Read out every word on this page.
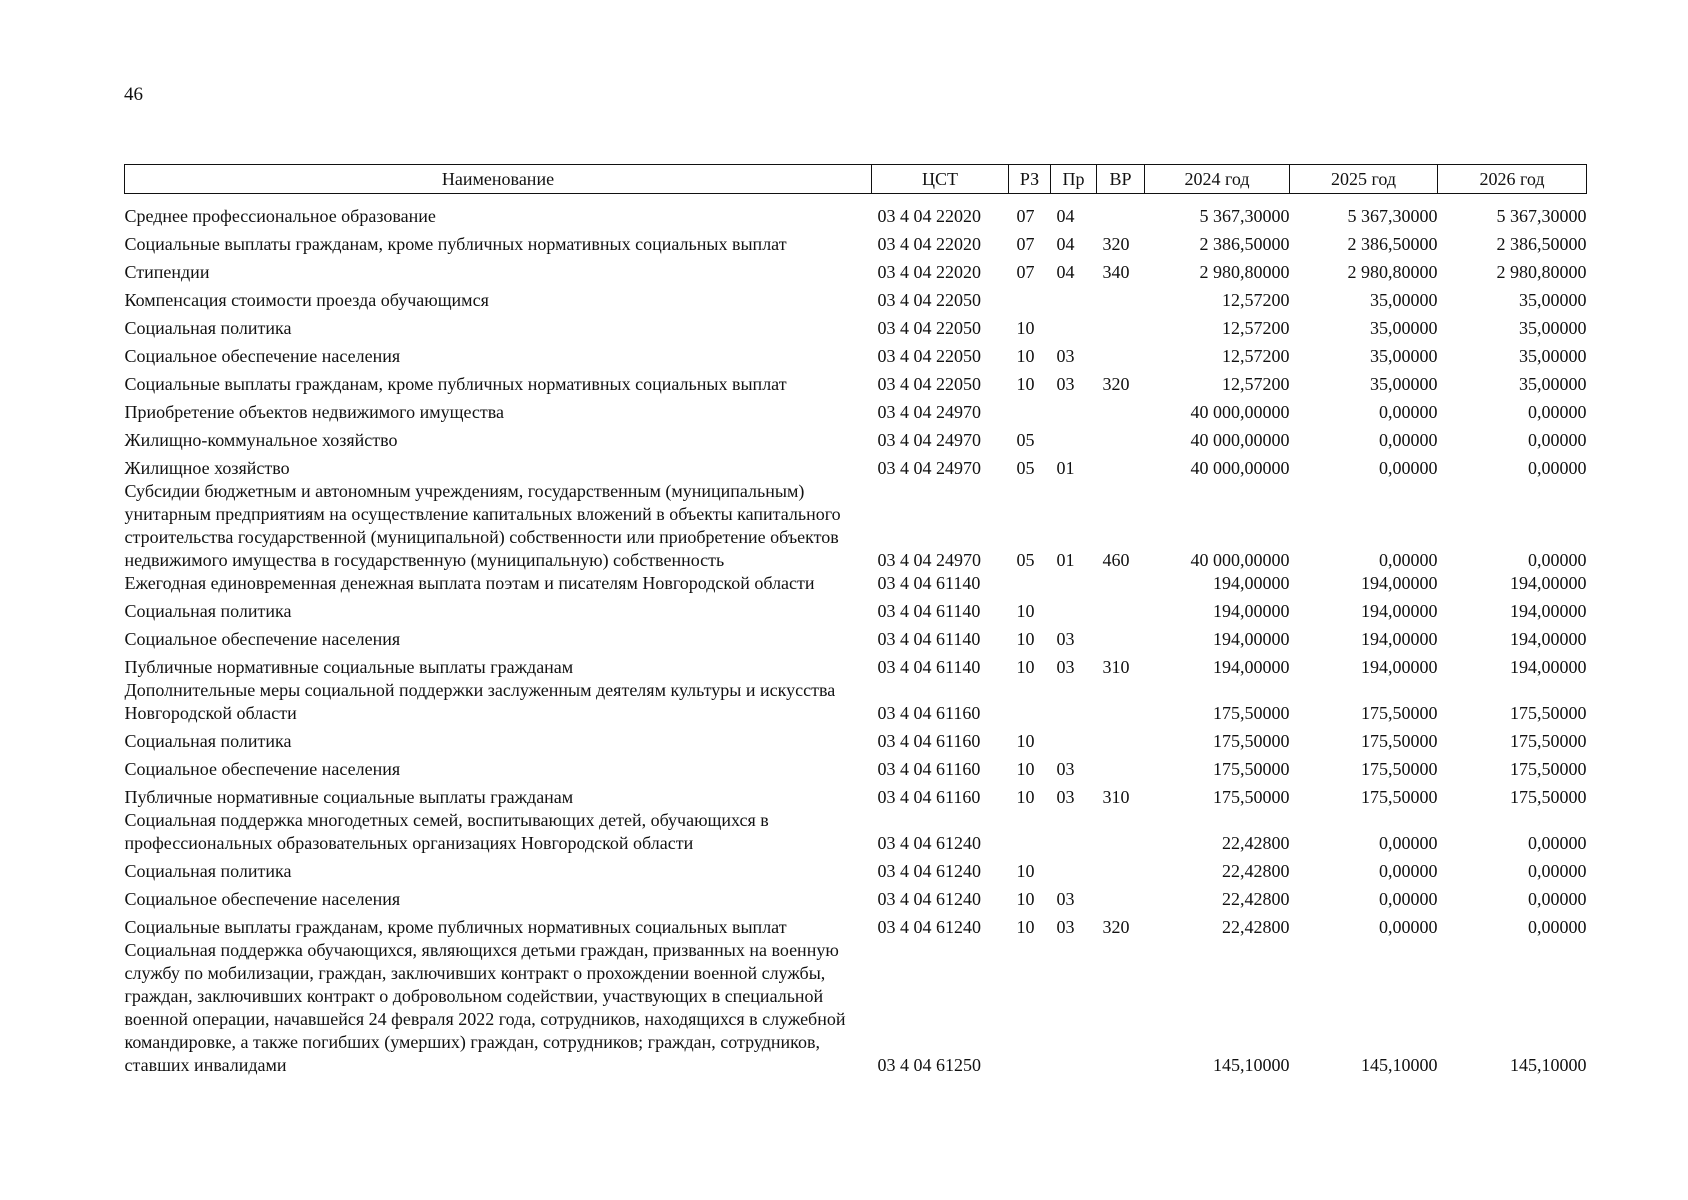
46
Наименование	ЦСТ	РЗ	Пр	ВР	2024 год	2025 год	2026 год
Среднее профессиональное образование	03 4 04 22020	07	04		5 367,30000	5 367,30000	5 367,30000
Социальные выплаты гражданам, кроме публичных нормативных социальных выплат	03 4 04 22020	07	04	320	2 386,50000	2 386,50000	2 386,50000
Стипендии	03 4 04 22020	07	04	340	2 980,80000	2 980,80000	2 980,80000
Компенсация стоимости проезда обучающимся	03 4 04 22050				12,57200	35,00000	35,00000
Социальная политика	03 4 04 22050	10			12,57200	35,00000	35,00000
Социальное обеспечение населения	03 4 04 22050	10	03		12,57200	35,00000	35,00000
Социальные выплаты гражданам, кроме публичных нормативных социальных выплат	03 4 04 22050	10	03	320	12,57200	35,00000	35,00000
Приобретение объектов недвижимого имущества	03 4 04 24970				40 000,00000	0,00000	0,00000
Жилищно-коммунальное хозяйство	03 4 04 24970	05			40 000,00000	0,00000	0,00000
Жилищное хозяйство	03 4 04 24970	05	01		40 000,00000	0,00000	0,00000
Субсидии бюджетным и автономным учреждениям, государственным (муниципальным) унитарным предприятиям на осуществление капитальных вложений в объекты капитального строительства государственной (муниципальной) собственности или приобретение объектов недвижимого имущества в государственную (муниципальную) собственность	03 4 04 24970	05	01	460	40 000,00000	0,00000	0,00000
Ежегодная единовременная денежная выплата поэтам и писателям Новгородской области	03 4 04 61140				194,00000	194,00000	194,00000
Социальная политика	03 4 04 61140	10			194,00000	194,00000	194,00000
Социальное обеспечение населения	03 4 04 61140	10	03		194,00000	194,00000	194,00000
Публичные нормативные социальные выплаты гражданам	03 4 04 61140	10	03	310	194,00000	194,00000	194,00000
Дополнительные меры социальной поддержки заслуженным деятелям культуры и искусства Новгородской области	03 4 04 61160				175,50000	175,50000	175,50000
Социальная политика	03 4 04 61160	10			175,50000	175,50000	175,50000
Социальное обеспечение населения	03 4 04 61160	10	03		175,50000	175,50000	175,50000
Публичные нормативные социальные выплаты гражданам	03 4 04 61160	10	03	310	175,50000	175,50000	175,50000
Социальная поддержка многодетных семей, воспитывающих детей, обучающихся в профессиональных образовательных организациях Новгородской области	03 4 04 61240				22,42800	0,00000	0,00000
Социальная политика	03 4 04 61240	10			22,42800	0,00000	0,00000
Социальное обеспечение населения	03 4 04 61240	10	03		22,42800	0,00000	0,00000
Социальные выплаты гражданам, кроме публичных нормативных социальных выплат	03 4 04 61240	10	03	320	22,42800	0,00000	0,00000
Социальная поддержка обучающихся, являющихся детьми граждан, призванных на военную службу по мобилизации, граждан, заключивших контракт о прохождении военной службы, граждан, заключивших контракт о добровольном содействии, участвующих в специальной военной операции, начавшейся 24 февраля 2022 года, сотрудников, находящихся в служебной командировке, а также погибших (умерших) граждан, сотрудников; граждан, сотрудников, ставших инвалидами	03 4 04 61250				145,10000	145,10000	145,10000
